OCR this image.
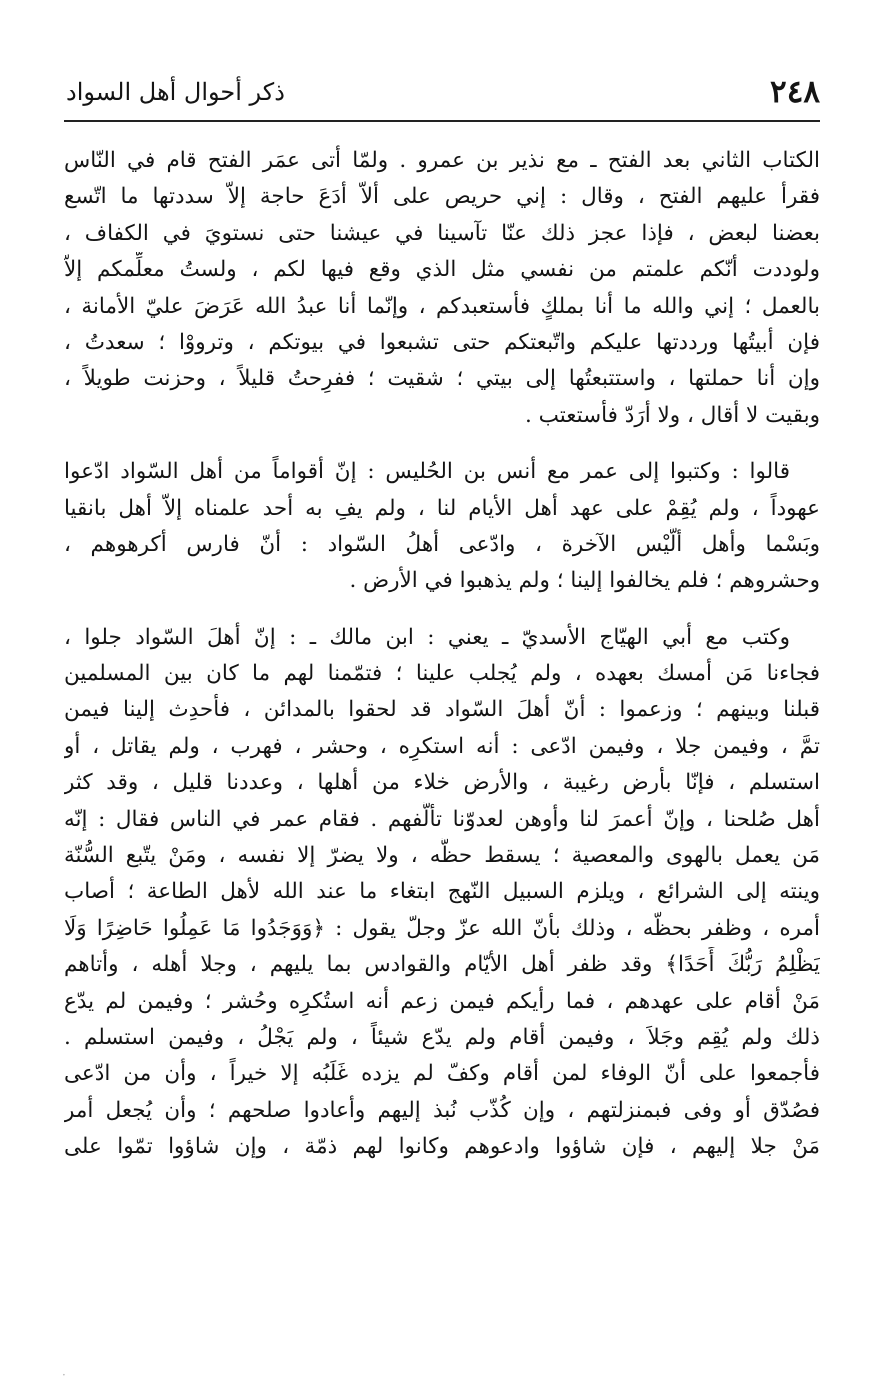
٢٤٨
ذكر أحوال أهل السواد
الكتاب الثاني بعد الفتح ـ مع نذير بن عمرو . ولمّا أتى عمَر الفتح قام في النّاس
فقرأ عليهم الفتح ، وقال : إني حريص على ألاّ أدَعَ حاجة إلاّ سددتها ما اتّسع
بعضنا لبعض ، فإذا عجز ذلك عنّا تآسينا في عيشنا حتى نستويَ في الكفاف ،
ولوددت أنّكم علمتم من نفسي مثل الذي وقع فيها لكم ، ولستُ معلِّمكم إلاّ
بالعمل ؛ إني والله ما أنا بملكٍ فأستعبدكم ، وإنّما أنا عبدُ الله عَرَضَ عليّ الأمانة ،
فإن أبيتُها ورددتها عليكم واتّبعتكم حتى تشبعوا في بيوتكم ، وترووْا ؛ سعدتُ ،
وإن أنا حملتها ، واستتبعتُها إلى بيتي ؛ شقيت ؛ ففرِحتُ قليلاً ، وحزنت طويلاً ،
وبقيت لا أقال ، ولا أرَدّ فأستعتب .
قالوا : وكتبوا إلى عمر مع أنس بن الحُليس : إنّ أقواماً من أهل السّواد ادّعوا
عهوداً ، ولم يُقِمْ على عهد أهل الأيام لنا ، ولم يفِ به أحد علمناه إلاّ أهل بانقيا
وبَسْما وأهل ألَّيْس الآخرة ، وادّعى أهلُ السّواد : أنّ فارس أكرهوهم ،
وحشروهم ؛ فلم يخالفوا إلينا ؛ ولم يذهبوا في الأرض .
وكتب مع أبي الهيّاج الأسديّ ـ يعني : ابن مالك ـ : إنّ أهلَ السّواد جلوا ،
فجاءنا مَن أمسك بعهده ، ولم يُجلب علينا ؛ فتمّمنا لهم ما كان بين المسلمين
قبلنا وبينهم ؛ وزعموا : أنّ أهلَ السّواد قد لحقوا بالمدائن ، فأحدِث إلينا فيمن
تمَّ ، وفيمن جلا ، وفيمن ادّعى : أنه استكرِه ، وحشر ، فهرب ، ولم يقاتل ، أو
استسلم ، فإنّا بأرض رغيبة ، والأرض خلاء من أهلها ، وعددنا قليل ، وقد كثر
أهل صُلحنا ، وإنّ أعمرَ لنا وأوهن لعدوّنا تألُّفهم . فقام عمر في الناس فقال : إنّه
مَن يعمل بالهوى والمعصية ؛ يسقط حظُّه ، ولا يضرّ إلا نفسه ، ومَنْ يتّبع السُّنّة
وينته إلى الشرائع ، ويلزم السبيل النّهج ابتغاء ما عند الله لأهل الطاعة ؛ أصاب
أمره ، وظفر بحظّه ، وذلك بأنّ الله عزّ وجلّ يقول : ﴿وَوَجَدُوا مَا عَمِلُوا حَاضِرًا وَلَا
يَظْلِمُ رَبُّكَ أَحَدًا﴾ وقد ظفر أهل الأيّام والقوادس بما يليهم ، وجلا أهله ، وأتاهم
مَنْ أقام على عهدهم ، فما رأيكم فيمن زعم أنه استُكرِه وحُشر ؛ وفيمن لم يدّع
ذلك ولم يُقِم وجَلاَ ، وفيمن أقام ولم يدّع شيئاً ، ولم يَجْلُ ، وفيمن استسلم .
فأجمعوا على أنّ الوفاء لمن أقام وكفّ لم يزده غَلَبُه إلا خيراً ، وأن من ادّعى
فصُدّق أو وفى فبمنزلتهم ، وإن كُذّب نُبذ إليهم وأعادوا صلحهم ؛ وأن يُجعل أمر
مَنْ جلا إليهم ، فإن شاؤوا وادعوهم وكانوا لهم ذمّة ، وإن شاؤوا تمّوا على
·
